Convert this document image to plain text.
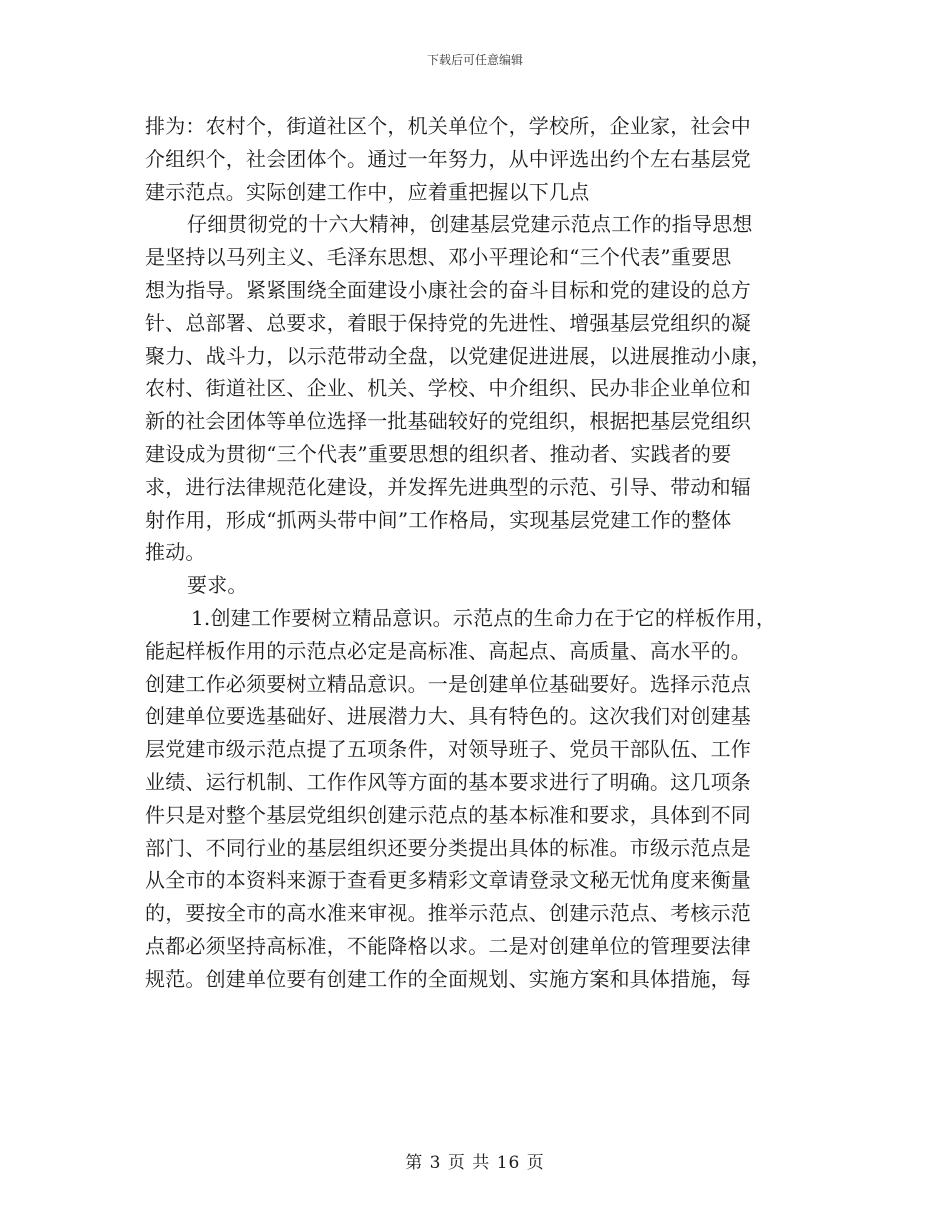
下载后可任意编辑
排为：农村个，街道社区个，机关单位个，学校所，企业家，社会中
介组织个，社会团体个。通过一年努力，从中评选出约个左右基层党
建示范点。实际创建工作中，应着重把握以下几点
仔细贯彻党的十六大精神，创建基层党建示范点工作的指导思想
是坚持以马列主义、毛泽东思想、邓小平理论和“三个代表”重要思
想为指导。紧紧围绕全面建设小康社会的奋斗目标和党的建设的总方
针、总部署、总要求，着眼于保持党的先进性、增强基层党组织的凝
聚力、战斗力，以示范带动全盘，以党建促进进展，以进展推动小康，
农村、街道社区、企业、机关、学校、中介组织、民办非企业单位和
新的社会团体等单位选择一批基础较好的党组织，根据把基层党组织
建设成为贯彻“三个代表”重要思想的组织者、推动者、实践者的要
求，进行法律规范化建设，并发挥先进典型的示范、引导、带动和辐
射作用，形成“抓两头带中间”工作格局，实现基层党建工作的整体
推动。
要求。
1.创建工作要树立精品意识。示范点的生命力在于它的样板作用，
能起样板作用的示范点必定是高标准、高起点、高质量、高水平的。
创建工作必须要树立精品意识。一是创建单位基础要好。选择示范点
创建单位要选基础好、进展潜力大、具有特色的。这次我们对创建基
层党建市级示范点提了五项条件，对领导班子、党员干部队伍、工作
业绩、运行机制、工作作风等方面的基本要求进行了明确。这几项条
件只是对整个基层党组织创建示范点的基本标准和要求，具体到不同
部门、不同行业的基层组织还要分类提出具体的标准。市级示范点是
从全市的本资料来源于查看更多精彩文章请登录文秘无忧角度来衡量
的，要按全市的高水准来审视。推举示范点、创建示范点、考核示范
点都必须坚持高标准，不能降格以求。二是对创建单位的管理要法律
规范。创建单位要有创建工作的全面规划、实施方案和具体措施，每
第 3 页 共 16 页
